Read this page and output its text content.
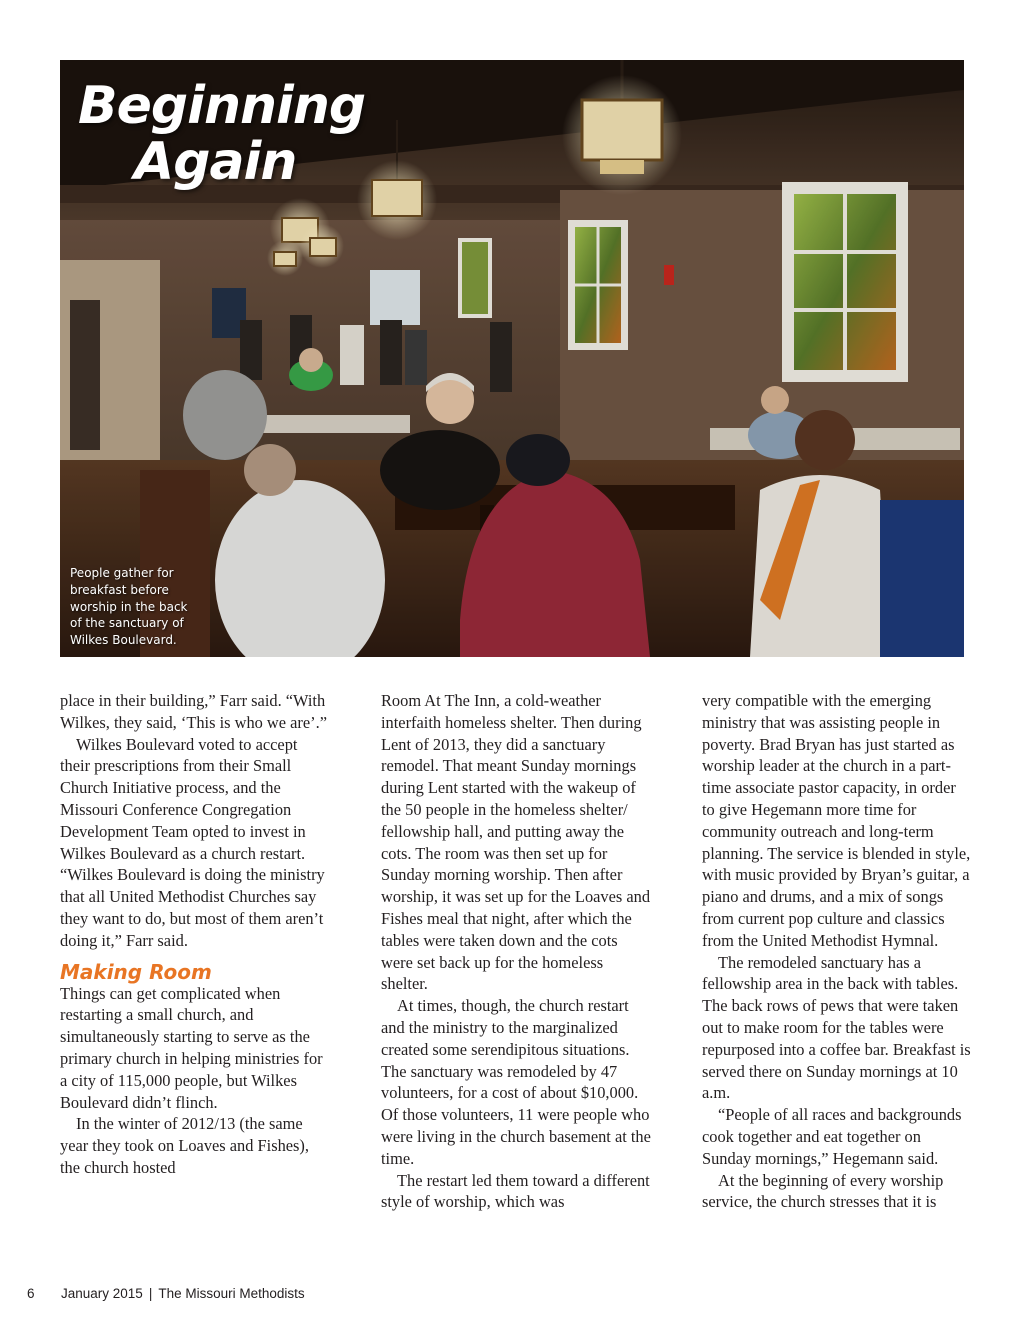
Beginning
Again
People gather for breakfast before worship in the back of the sanctuary of Wilkes Boulevard.

place in their building,” Farr said. “With Wilkes, they said, ‘This is who we are’.”

Wilkes Boulevard voted to accept their prescriptions from their Small Church Initiative process, and the Missouri Conference Congregation Development Team opted to invest in Wilkes Boulevard as a church restart. “Wilkes Boulevard is doing the ministry that all United Methodist Churches say they want to do, but most of them aren’t doing it,” Farr said.

Making Room

Things can get complicated when restarting a small church, and simultaneously starting to serve as the primary church in helping ministries for a city of 115,000 people, but Wilkes Boulevard didn’t flinch.

In the winter of 2012/13 (the same year they took on Loaves and Fishes), the church hosted

Room At The Inn, a cold-weather interfaith homeless shelter. Then during Lent of 2013, they did a sanctuary remodel. That meant Sunday mornings during Lent started with the wakeup of the 50 people in the homeless shelter/ fellowship hall, and putting away the cots. The room was then set up for Sunday morning worship. Then after worship, it was set up for the Loaves and Fishes meal that night, after which the tables were taken down and the cots were set back up for the homeless shelter.

At times, though, the church restart and the ministry to the marginalized created some serendipitous situations. The sanctuary was remodeled by 47 volunteers, for a cost of about $10,000. Of those volunteers, 11 were people who were living in the church basement at the time.

The restart led them toward a different style of worship, which was

very compatible with the emerging ministry that was assisting people in poverty. Brad Bryan has just started as worship leader at the church in a part-time associate pastor capacity, in order to give Hegemann more time for community outreach and long-term planning. The service is blended in style, with music provided by Bryan’s guitar, a piano and drums, and a mix of songs from current pop culture and classics from the United Methodist Hymnal.

The remodeled sanctuary has a fellowship area in the back with tables. The back rows of pews that were taken out to make room for the tables were repurposed into a coffee bar. Breakfast is served there on Sunday mornings at 10 a.m.

“People of all races and backgrounds cook together and eat together on Sunday mornings,” Hegemann said.

At the beginning of every worship service, the church stresses that it is

6 January 2015 | The Missouri Methodists
